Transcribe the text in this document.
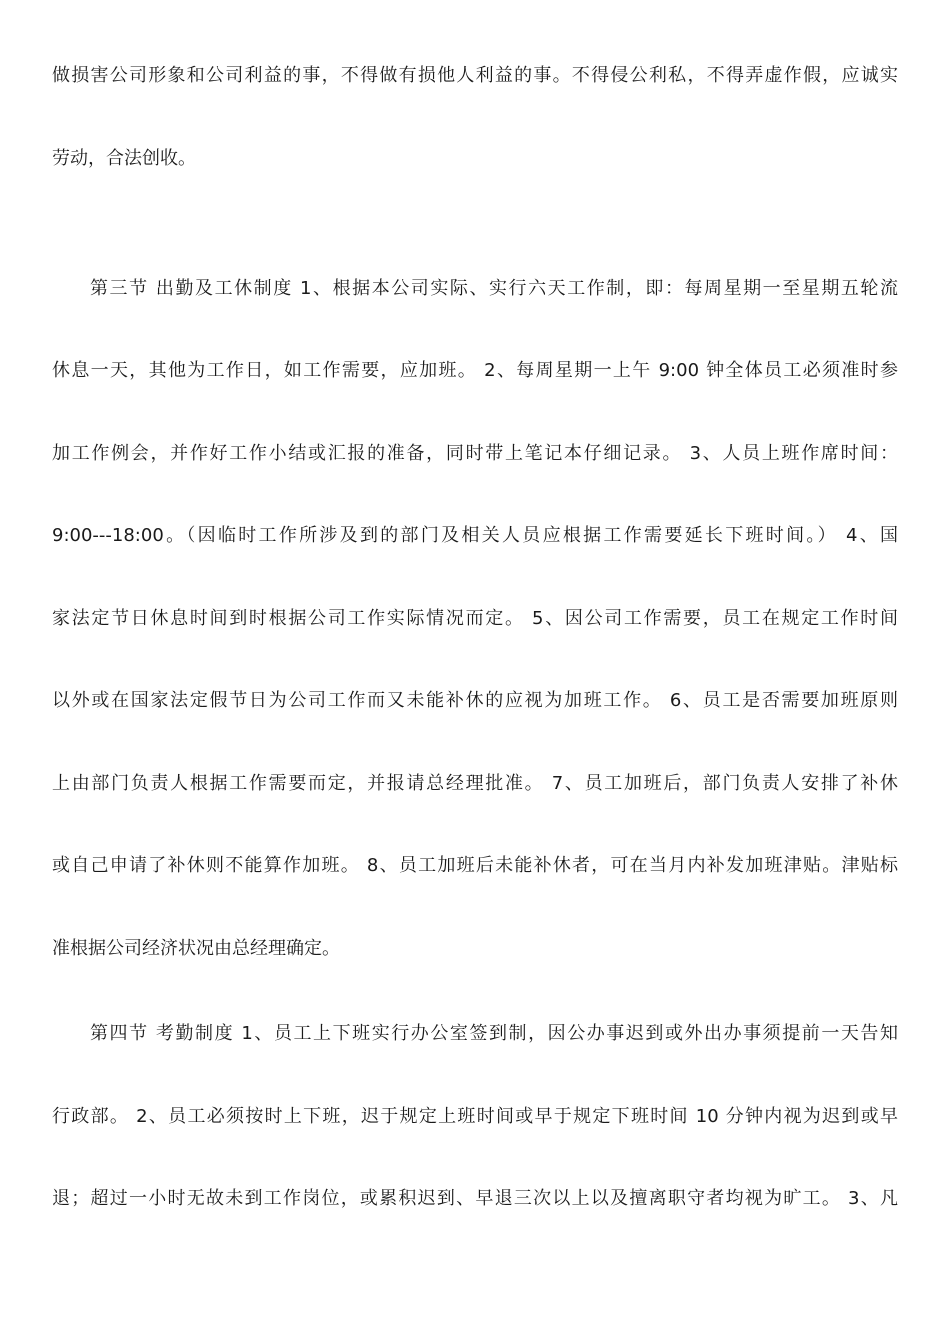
做损害公司形象和公司利益的事，不得做有损他人利益的事。不得侵公利私，不得弄虚作假，应诚实
劳动，合法创收。
第三节 出勤及工休制度 1、根据本公司实际、实行六天工作制，即：每周星期一至星期五轮流
休息一天，其他为工作日，如工作需要，应加班。 2、每周星期一上午 9:00 钟全体员工必须准时参
加工作例会，并作好工作小结或汇报的准备，同时带上笔记本仔细记录。 3、人员上班作席时间：
9:00---18:00。（因临时工作所涉及到的部门及相关人员应根据工作需要延长下班时间。） 4、国
家法定节日休息时间到时根据公司工作实际情况而定。 5、因公司工作需要，员工在规定工作时间
以外或在国家法定假节日为公司工作而又未能补休的应视为加班工作。 6、员工是否需要加班原则
上由部门负责人根据工作需要而定，并报请总经理批准。 7、员工加班后，部门负责人安排了补休
或自己申请了补休则不能算作加班。 8、员工加班后未能补休者，可在当月内补发加班津贴。津贴标
准根据公司经济状况由总经理确定。
第四节 考勤制度 1、员工上下班实行办公室签到制，因公办事迟到或外出办事须提前一天告知
行政部。 2、员工必须按时上下班，迟于规定上班时间或早于规定下班时间 10 分钟内视为迟到或早
退；超过一小时无故未到工作岗位，或累积迟到、早退三次以上以及擅离职守者均视为旷工。 3、凡
